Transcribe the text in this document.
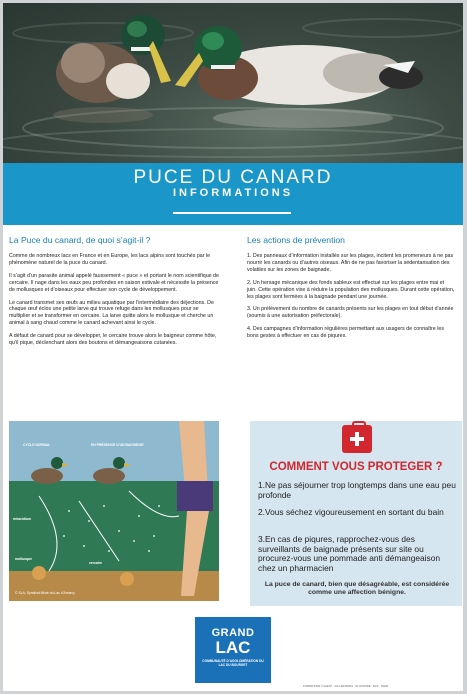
PUCE DU CANARD
INFORMATIONS
La Puce du canard, de quoi s’agit-il ?

Comme de nombreux lacs en France et en Europe, les lacs alpins sont touchés par le phénomène naturel de la puce du canard.

Il s’agit d’un parasite animal appelé faussement « puce » et portant le nom scientifique de cercaire. Il nage dans les eaux peu profondes en saison estivale et nécessite la présence de mollusques et d’oiseaux pour effectuer son cycle de développement.

Le canard transmet ses œufs au milieu aquatique par l’intermédiaire des déjections. De chaque œuf éclos une petite larve qui trouve refuge dans les mollusques pour se multiplier et se transformer en cercaire. La larve quitte alors le mollusque et cherche un animal à sang chaud comme le canard achevant ainsi le cycle.

A défaut de canard pour se développer, le cercaire trouve alors le baigneur comme hôte, qu’il pique, déclenchant alors des boutons et démangeaisons cutanées.

Les actions de prévention

1. Des panneaux d’information installés sur les plages, incitent les promeneurs à ne pas nourrir les canards ou d’autres oiseaux. Afin de ne pas favoriser la sédentarisation des volatiles sur les zones de baignade.

2. Un hersage mécanique des fonds sableux est effectué sur les plages entre mai et juin. Cette opération vise à réduire la population des mollusques. Durant cette opération, les plages sont fermées à la baignade pendant une journée.

3. Un prélèvement du nombre de canards présents sur les plages en tout début d’année (soumis à une autorisation préfectorale).

4. Des campagnes d’information régulières permettant aux usagers de connaître les bons gestes à effectuer en cas de piqures.

CYCLE NORMAL	EN PRÉSENCE D’UN BAIGNEUR
miracidium
mollusque
cercaire
© SLA, Syndicat Mixte du Lac d’Annecy
COMMENT VOUS PROTEGER ?
1.Ne pas séjourner trop longtemps dans une eau peu profonde
2.Vous séchez vigoureusement en sortant du bain
3.En cas de piqures, rapprochez-vous des surveillants de baignade présents sur site ou procurez-vous une pommade anti démangeaison chez un pharmacien
La puce de canard, bien que désagréable, est considérée comme une affection bénigne.
GRAND
LAC
COMMUNAUTÉ D’AGGLOMÉRATION DU LAC DU BOURGET
FORMATIONS © AGENT · AIX-LES-BAINS · ST HONORE · RCS · 75008
